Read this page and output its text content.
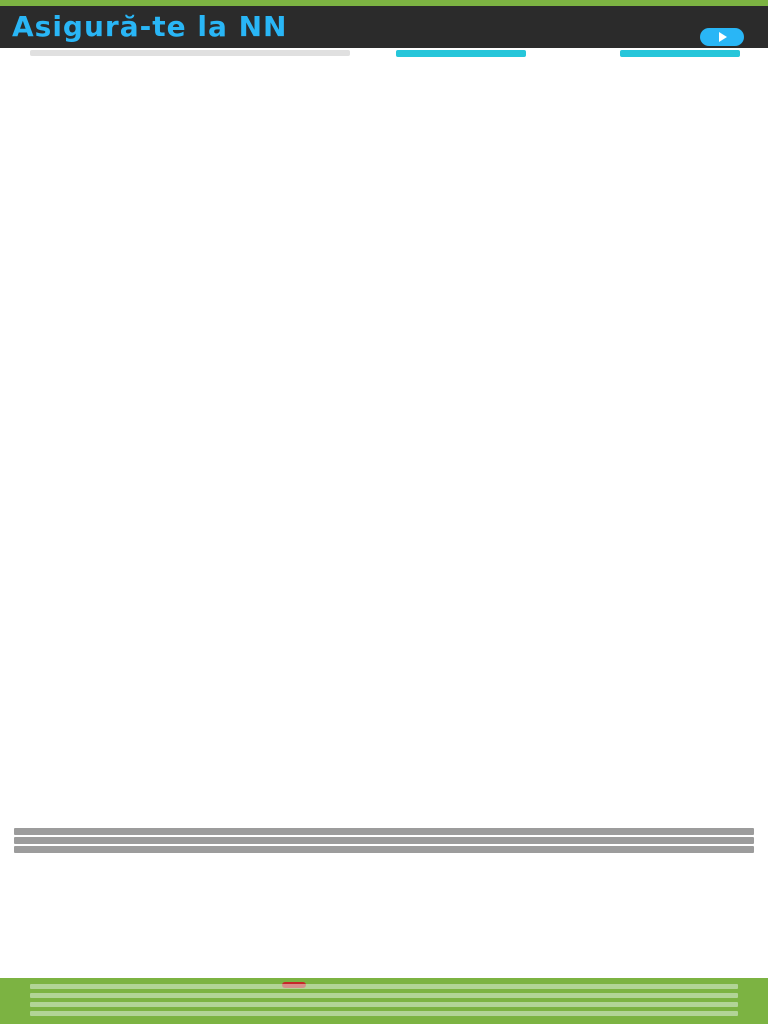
Asigură-te la NN
